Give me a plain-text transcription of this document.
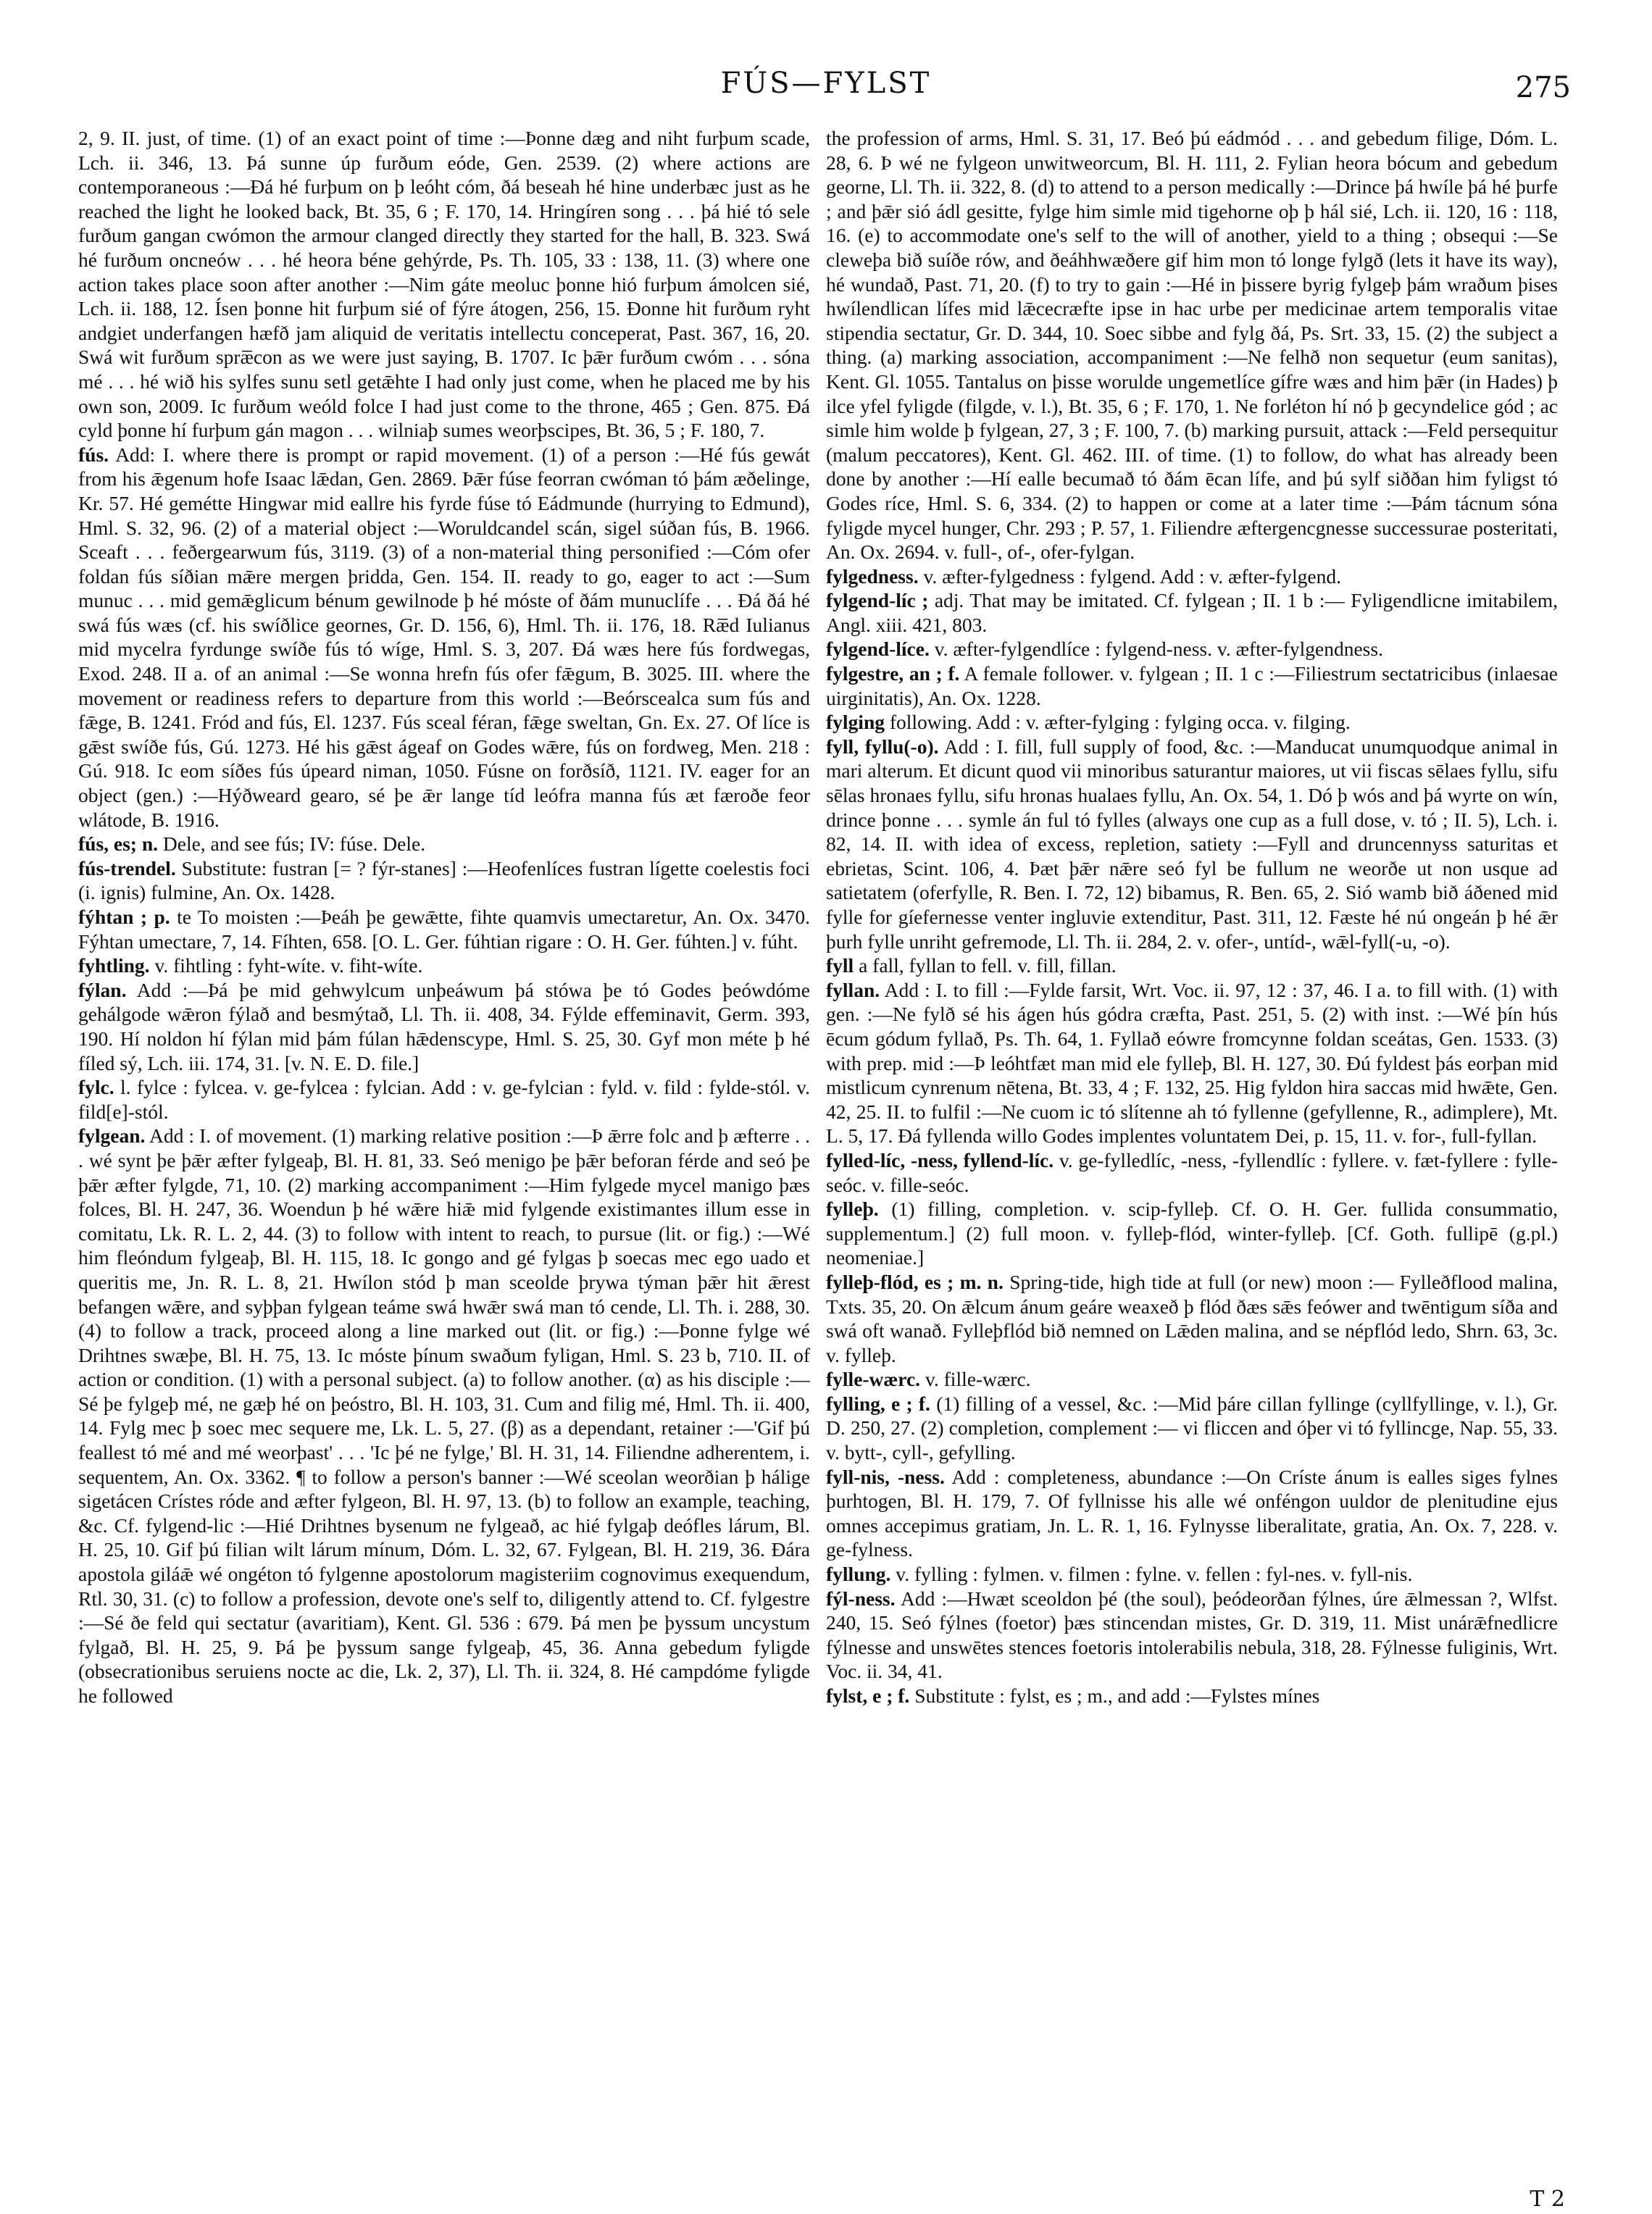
FÚS—FYLST	275

2, 9. II. just, of time. (1) of an exact point of time :—Þonne dæg and niht furþum scade, Lch. ii. 346, 13. Þá sunne úp furðum eóde, Gen. 2539. (2) where actions are contemporaneous :—Ðá hé furþum on þ leóht cóm, ðá beseah hé hine underbæc just as he reached the light he looked back, Bt. 35, 6 ; F. 170, 14. Hringíren song . . . þá hié tó sele furðum gangan cwómon the armour clanged directly they started for the hall, B. 323. Swá hé furðum oncneów . . . hé heora béne gehýrde, Ps. Th. 105, 33 : 138, 11. (3) where one action takes place soon after another :—Nim gáte meoluc þonne hió furþum ámolcen sié, Lch. ii. 188, 12. Ísen þonne hit furþum sié of fýre átogen, 256, 15. Ðonne hit furðum ryht andgiet underfangen hæfð jam aliquid de veritatis intellectu conceperat, Past. 367, 16, 20. Swá wit furðum spræ̅con as we were just saying, B. 1707. Ic þǣr furðum cwóm . . . sóna mé . . . hé wið his sylfes sunu setl getǣhte I had only just come, when he placed me by his own son, 2009. Ic furðum weóld folce I had just come to the throne, 465 ; Gen. 875. Ðá cyld þonne hí furþum gán magon . . . wilniaþ sumes weorþscipes, Bt. 36, 5 ; F. 180, 7.

fús. Add: I. where there is prompt or rapid movement. (1) of a person :—Hé fús gewát from his ǣgenum hofe Isaac lǣdan, Gen. 2869. Þǣr fúse feorran cwóman tó þám æðelinge, Kr. 57. Hé gemétte Hingwar mid eallre his fyrde fúse tó Eádmunde (hurrying to Edmund), Hml. S. 32, 96. (2) of a material object :—Woruldcandel scán, sigel súðan fús, B. 1966. Sceaft . . . feðergearwum fús, 3119. (3) of a non-material thing personified :—Cóm ofer foldan fús síðian mǣre mergen þridda, Gen. 154. II. ready to go, eager to act :—Sum munuc . . . mid gemǣglicum bénum gewilnode þ hé móste of ðám munuclífe . . . Ðá ðá hé swá fús wæs (cf. his swíðlice geornes, Gr. D. 156, 6), Hml. Th. ii. 176, 18. Ræ̅d Iulianus mid mycelra fyrdunge swíðe fús tó wíge, Hml. S. 3, 207. Ðá wæs here fús fordwegas, Exod. 248. II a. of an animal :—Se wonna hrefn fús ofer fǣgum, B. 3025. III. where the movement or readiness refers to departure from this world :—Beórscealca sum fús and fǣge, B. 1241. Fród and fús, El. 1237. Fús sceal féran, fǣge sweltan, Gn. Ex. 27. Of líce is gǣst swíðe fús, Gú. 1273. Hé his gǣst ágeaf on Godes wǣre, fús on fordweg, Men. 218 : Gú. 918. Ic eom síðes fús úpeard niman, 1050. Fúsne on forðsíð, 1121. IV. eager for an object (gen.) :—Hýðweard gearo, sé þe ǣr lange tíd leófra manna fús æt færoðe feor wlátode, B. 1916.

fús, es; n. Dele, and see fús; IV: fúse. Dele.

fús-trendel. Substitute: fustran [= ? fýr-stanes] :—Heofenlíces fustran lígette coelestis foci (i. ignis) fulmine, An. Ox. 1428.

fýhtan ; p. te To moisten :—Þeáh þe gewǣtte, fihte quamvis umectaretur, An. Ox. 3470. Fýhtan umectare, 7, 14. Fíhten, 658. [O. L. Ger. fúhtian rigare : O. H. Ger. fúhten.] v. fúht.

fyhtling. v. fihtling : fyht-wíte. v. fiht-wíte.

fýlan. Add :—Þá þe mid gehwylcum unþeáwum þá stówa þe tó Godes þeówdóme gehálgode wǣron fýlað and besmýtað, Ll. Th. ii. 408, 34. Fýlde effeminavit, Germ. 393, 190. Hí noldon hí fýlan mid þám fúlan hǣdenscype, Hml. S. 25, 30. Gyf mon méte þ hé fíled sý, Lch. iii. 174, 31. [v. N. E. D. file.]

fylc. l. fylce : fylcea. v. ge-fylcea : fylcian. Add : v. ge-fylcian : fyld. v. fild : fylde-stól. v. fild[e]-stól.

fylgean. Add : I. of movement. (1) marking relative position :—Þ ǣrre folc and þ æfterre . . . wé synt þe þǣr æfter fylgeaþ, Bl. H. 81, 33. Seó menigo þe þǣr beforan férde and seó þe þǣr æfter fylgde, 71, 10. (2) marking accompaniment :—Him fylgede mycel manigo þæs folces, Bl. H. 247, 36. Woendun þ hé wǣre hiǣ mid fylgende existimantes illum esse in comitatu, Lk. R. L. 2, 44. (3) to follow with intent to reach, to pursue (lit. or fig.) :—Wé him fleóndum fylgeaþ, Bl. H. 115, 18. Ic gongo and gé fylgas þ soecas mec ego uado et queritis me, Jn. R. L. 8, 21. Hwílon stód þ man sceolde þrywa týman þǣr hit ǣrest befangen wǣre, and syþþan fylgean teáme swá hwǣr swá man tó cende, Ll. Th. i. 288, 30. (4) to follow a track, proceed along a line marked out (lit. or fig.) :—Þonne fylge wé Drihtnes swæþe, Bl. H. 75, 13. Ic móste þínum swaðum fyligan, Hml. S. 23 b, 710. II. of action or condition. (1) with a personal subject. (a) to follow another. (α) as his disciple :—Sé þe fylgeþ mé, ne gæþ hé on þeóstro, Bl. H. 103, 31. Cum and filig mé, Hml. Th. ii. 400, 14. Fylg mec þ soec mec sequere me, Lk. L. 5, 27. (β) as a dependant, retainer :—'Gif þú feallest tó mé and mé weorþast' . . . 'Ic þé ne fylge,' Bl. H. 31, 14. Filiendne adherentem, i. sequentem, An. Ox. 3362. ¶ to follow a person's banner :—Wé sceolan weorðian þ hálige sigetácen Crístes róde and æfter fylgeon, Bl. H. 97, 13. (b) to follow an example, teaching, &c. Cf. fylgend-lic :—Hié Drihtnes bysenum ne fylgeað, ac hié fylgaþ deófles lárum, Bl. H. 25, 10. Gif þú filian wilt lárum mínum, Dóm. L. 32, 67. Fylgean, Bl. H. 219, 36. Ðára apostola giláǣ wé ongéton tó fylgenne apostolorum magisteriim cognovimus exequendum, Rtl. 30, 31. (c) to follow a profession, devote one's self to, diligently attend to. Cf. fylgestre :—Sé ðe feld qui sectatur (avaritiam), Kent. Gl. 536 : 679. Þá men þe þyssum uncystum fylgað, Bl. H. 25, 9. Þá þe þyssum sange fylgeaþ, 45, 36. Anna gebedum fyligde (obsecrationibus seruiens nocte ac die, Lk. 2, 37), Ll. Th. ii. 324, 8. Hé campdóme fyligde he followed

the profession of arms, Hml. S. 31, 17. Beó þú eádmód . . . and gebedum filige, Dóm. L. 28, 6. Þ wé ne fylgeon unwitweorcum, Bl. H. 111, 2. Fylian heora bócum and gebedum georne, Ll. Th. ii. 322, 8. (d) to attend to a person medically :—Drince þá hwíle þá hé þurfe ; and þǣr sió ádl gesitte, fylge him simle mid tigehorne oþ þ hál sié, Lch. ii. 120, 16 : 118, 16. (e) to accommodate one's self to the will of another, yield to a thing ; obsequi :—Se cleweþa bið suíðe rów, and ðeáhhwæðere gif him mon tó longe fylgð (lets it have its way), hé wundað, Past. 71, 20. (f) to try to gain :—Hé in þissere byrig fylgeþ þám wraðum þises hwílendlican lífes mid lǣcecræfte ipse in hac urbe per medicinae artem temporalis vitae stipendia sectatur, Gr. D. 344, 10. Soec sibbe and fylg ðá, Ps. Srt. 33, 15. (2) the subject a thing. (a) marking association, accompaniment :—Ne felhð non sequetur (eum sanitas), Kent. Gl. 1055. Tantalus on þisse worulde ungemetlíce gífre wæs and him þǣr (in Hades) þ ilce yfel fyligde (filgde, v. l.), Bt. 35, 6 ; F. 170, 1. Ne forléton hí nó þ gecyndelice gód ; ac simle him wolde þ fylgean, 27, 3 ; F. 100, 7. (b) marking pursuit, attack :—Feld persequitur (malum peccatores), Kent. Gl. 462. III. of time. (1) to follow, do what has already been done by another :—Hí ealle becumað tó ðám ēcan lífe, and þú sylf siððan him fyligst tó Godes ríce, Hml. S. 6, 334. (2) to happen or come at a later time :—Þám tácnum sóna fyligde mycel hunger, Chr. 293 ; P. 57, 1. Filiendre æftergencgnesse successurae posteritati, An. Ox. 2694. v. full-, of-, ofer-fylgan.

fylgedness. v. æfter-fylgedness : fylgend. Add : v. æfter-fylgend.

fylgend-líc ; adj. That may be imitated. Cf. fylgean ; II. 1 b :— Fyligendlicne imitabilem, Angl. xiii. 421, 803.

fylgend-líce. v. æfter-fylgendlíce : fylgend-ness. v. æfter-fylgendness.

fylgestre, an ; f. A female follower. v. fylgean ; II. 1 c :—Filiestrum sectatricibus (inlaesae uirginitatis), An. Ox. 1228.

fylging following. Add : v. æfter-fylging : fylging occa. v. filging.

fyll, fyllu(-o). Add : I. fill, full supply of food, &c. :—Manducat unumquodque animal in mari alterum. Et dicunt quod vii minoribus saturantur maiores, ut vii fiscas sēlaes fyllu, sifu sēlas hronaes fyllu, sifu hronas hualaes fyllu, An. Ox. 54, 1. Dó þ wós and þá wyrte on wín, drince þonne . . . symle án ful tó fylles (always one cup as a full dose, v. tó ; II. 5), Lch. i. 82, 14. II. with idea of excess, repletion, satiety :—Fyll and druncennyss saturitas et ebrietas, Scint. 106, 4. Þæt þǣr nǣre seó fyl be fullum ne weorðe ut non usque ad satietatem (oferfylle, R. Ben. I. 72, 12) bibamus, R. Ben. 65, 2. Sió wamb bið áðened mid fylle for gíefernesse venter ingluvie extenditur, Past. 311, 12. Fæste hé nú ongeán þ hé ǣr þurh fylle unriht gefremode, Ll. Th. ii. 284, 2. v. ofer-, untíd-, wǣl-fyll(-u, -o).

fyll a fall, fyllan to fell. v. fill, fillan.

fyllan. Add : I. to fill :—Fylde farsit, Wrt. Voc. ii. 97, 12 : 37, 46. I a. to fill with. (1) with gen. :—Ne fylð sé his ágen hús gódra cræfta, Past. 251, 5. (2) with inst. :—Wé þín hús ēcum gódum fyllað, Ps. Th. 64, 1. Fyllað eówre fromcynne foldan sceátas, Gen. 1533. (3) with prep. mid :—Þ leóhtfæt man mid ele fylleþ, Bl. H. 127, 30. Ðú fyldest þás eorþan mid mistlicum cynrenum nētena, Bt. 33, 4 ; F. 132, 25. Hig fyldon hira saccas mid hwǣte, Gen. 42, 25. II. to fulfil :—Ne cuom ic tó slítenne ah tó fyllenne (gefyllenne, R., adimplere), Mt. L. 5, 17. Ðá fyllenda willo Godes implentes voluntatem Dei, p. 15, 11. v. for-, full-fyllan.

fylled-líc, -ness, fyllend-líc. v. ge-fylledlíc, -ness, -fyllendlíc : fyllere. v. fæt-fyllere : fylle-seóc. v. fille-seóc.

fylleþ. (1) filling, completion. v. scip-fylleþ. Cf. O. H. Ger. fullida consummatio, supplementum.] (2) full moon. v. fylleþ-flód, winter-fylleþ. [Cf. Goth. fullipē (g.pl.) neomeniae.]

fylleþ-flód, es ; m. n. Spring-tide, high tide at full (or new) moon :— Fylleðflood malina, Txts. 35, 20. On ǣlcum ánum geáre weaxeð þ flód ðæs sǣs feówer and twēntigum síða and swá oft wanað. Fylleþflód bið nemned on Lǣden malina, and se népflód ledo, Shrn. 63, 3c. v. fylleþ.

fylle-wærc. v. fille-wærc.

fylling, e ; f. (1) filling of a vessel, &c. :—Mid þáre cillan fyllinge (cyllfyllinge, v. l.), Gr. D. 250, 27. (2) completion, complement :— vi fliccen and óþer vi tó fyllincge, Nap. 55, 33. v. bytt-, cyll-, gefylling.

fyll-nis, -ness. Add : completeness, abundance :—On Críste ánum is ealles siges fylnes þurhtogen, Bl. H. 179, 7. Of fyllnisse his alle wé onféngon uuldor de plenitudine ejus omnes accepimus gratiam, Jn. L. R. 1, 16. Fylnysse liberalitate, gratia, An. Ox. 7, 228. v. ge-fylness.

fyllung. v. fylling : fylmen. v. filmen : fylne. v. fellen : fyl-nes. v. fyll-nis.

fýl-ness. Add :—Hwæt sceoldon þé (the soul), þeódeorðan fýlnes, úre ǣlmessan ?, Wlfst. 240, 15. Seó fýlnes (foetor) þæs stincendan mistes, Gr. D. 319, 11. Mist unárǣfnedlicre fýlnesse and unswētes stences foetoris intolerabilis nebula, 318, 28. Fýlnesse fuliginis, Wrt. Voc. ii. 34, 41.

fylst, e ; f. Substitute : fylst, es ; m., and add :—Fylstes mínes

T 2
